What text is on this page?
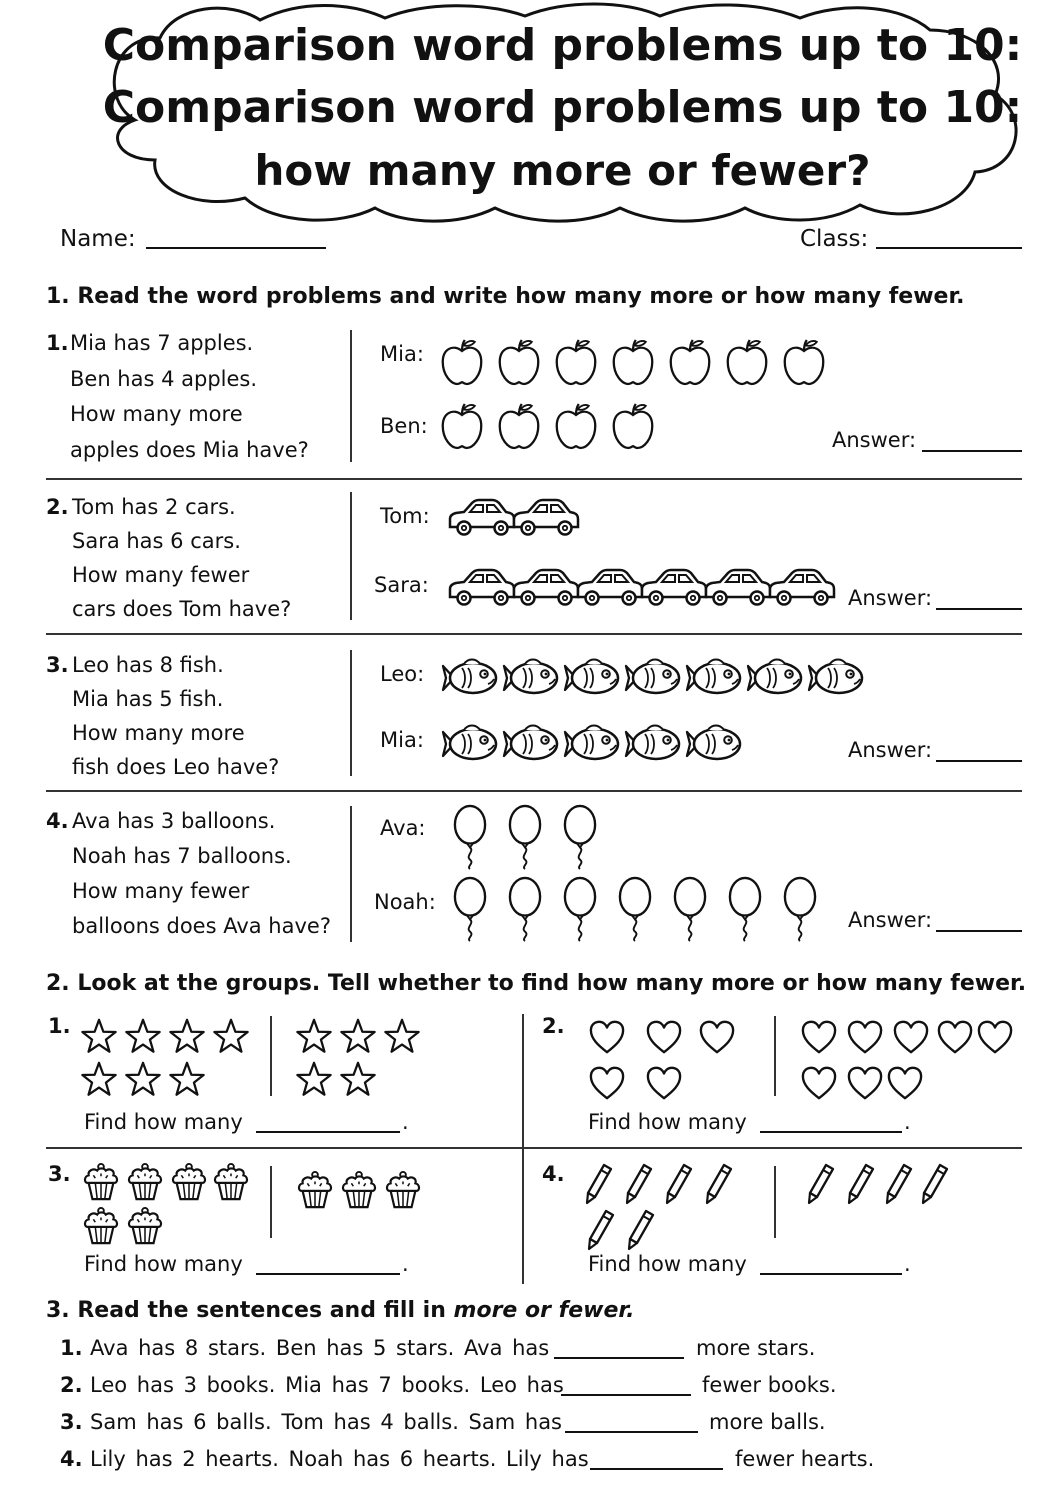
Comparison word problems up to 10:
Comparison word problems up to 10:
how many more or fewer?
Name:	Class:
1. Read the word problems and write how many more or how many fewer.
1. Mia has 7 apples.
Ben has 4 apples.
How many more
apples does Mia have?
Mia:
Ben:
Answer:
2. Tom has 2 cars.
Sara has 6 cars.
How many fewer
cars does Tom have?
Tom:
Sara:
Answer:
3. Leo has 8 fish.
Mia has 5 fish.
How many more
fish does Leo have?
Leo:
Mia:	Answer:
4. Ava has 3 balloons.
Noah has 7 balloons.
How many fewer
balloons does Ava have?
Ava:
Noah:
Answer:
2. Look at the groups. Tell whether to find how many more or how many fewer.
1.
Find how many	.
2.
Find how many	.
3.
Find how many	.
4.
Find how many	.
3. Read the sentences and fill in more or fewer.
1. Ava has 8 stars. Ben has 5 stars. Ava has	more stars.
2. Leo has 3 books. Mia has 7 books. Leo has	fewer books.
3. Sam has 6 balls. Tom has 4 balls. Sam has	more balls.
4. Lily has 2 hearts. Noah has 6 hearts. Lily has	fewer hearts.
